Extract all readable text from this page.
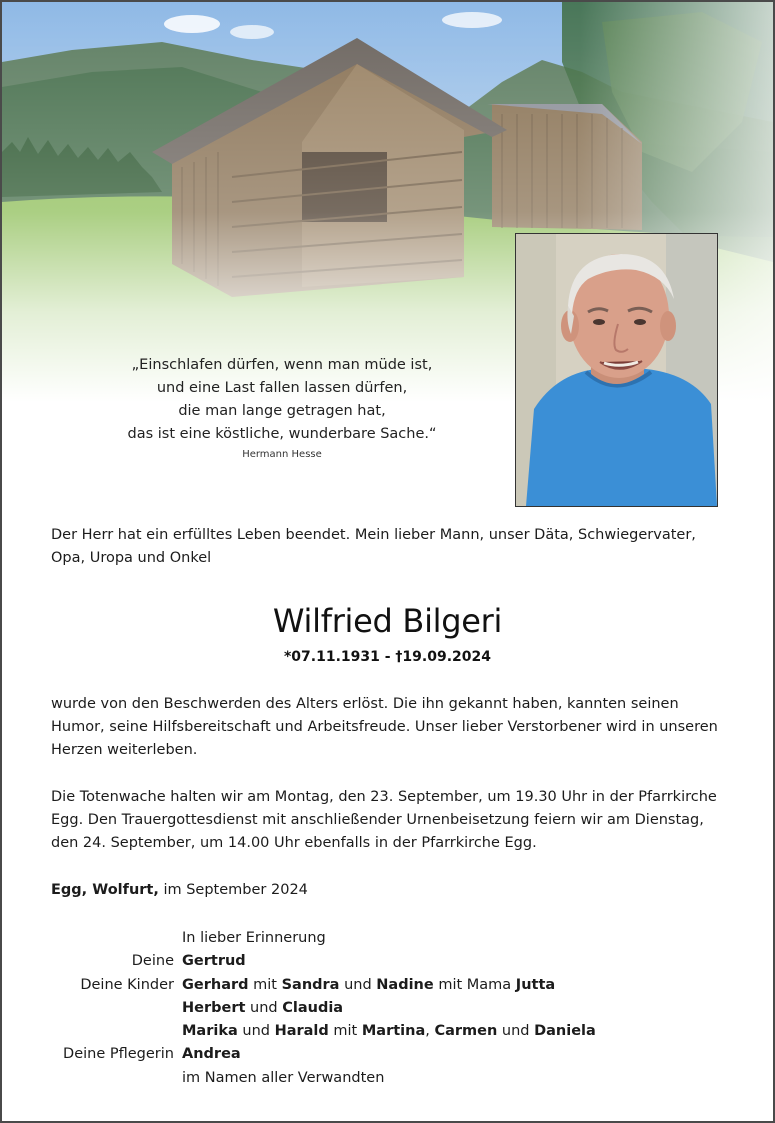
„Einschlafen dürfen, wenn man müde ist,
und eine Last fallen lassen dürfen,
die man lange getragen hat,
das ist eine köstliche, wunderbare Sache.“
Hermann Hesse
Der Herr hat ein erfülltes Leben beendet. Mein lieber Mann, unser Däta, Schwiegervater, Opa, Uropa und Onkel
Wilfried Bilgeri
*07.11.1931 - †19.09.2024
wurde von den Beschwerden des Alters erlöst. Die ihn gekannt haben, kannten seinen Humor, seine Hilfsbereitschaft und Arbeitsfreude. Unser lieber Verstorbener wird in unseren Herzen weiterleben.
Die Totenwache halten wir am Montag, den 23. September, um 19.30 Uhr in der Pfarrkirche Egg. Den Trauergottesdienst mit anschließender Urnenbeisetzung feiern wir am Dienstag, den 24. September, um 14.00 Uhr ebenfalls in der Pfarrkirche Egg.
Egg, Wolfurt, im September 2024
In lieber Erinnerung
Deine Gertrud
Deine Kinder Gerhard mit Sandra und Nadine mit Mama Jutta
Herbert und Claudia
Marika und Harald mit Martina, Carmen und Daniela
Deine Pflegerin Andrea
im Namen aller Verwandten
